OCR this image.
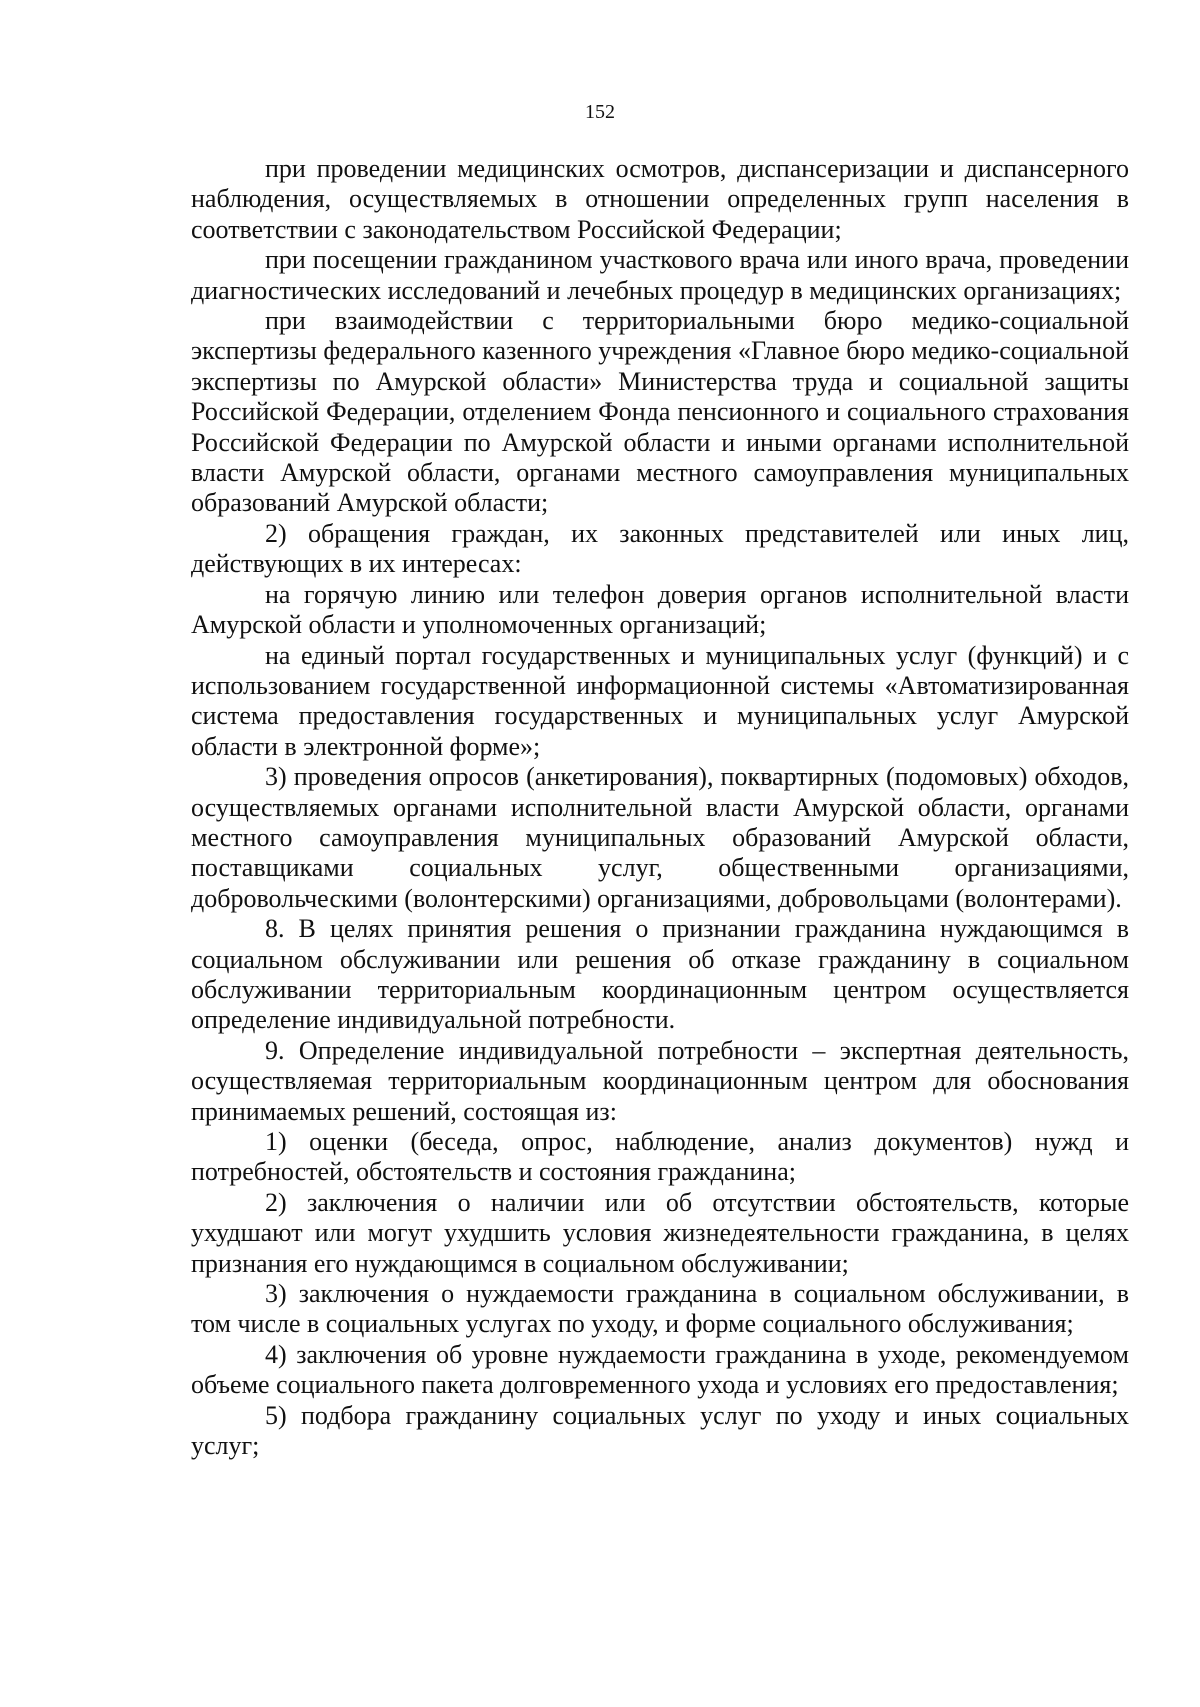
152

при проведении медицинских осмотров, диспансеризации и диспансерного наблюдения, осуществляемых в отношении определенных групп населения в соответствии с законодательством Российской Федерации;

при посещении гражданином участкового врача или иного врача, проведении диагностических исследований и лечебных процедур в медицинских организациях;

при взаимодействии с территориальными бюро медико-социальной экспертизы федерального казенного учреждения «Главное бюро медико-социальной экспертизы по Амурской области» Министерства труда и социальной защиты Российской Федерации, отделением Фонда пенсионного и социального страхования Российской Федерации по Амурской области и иными органами исполнительной власти Амурской области, органами местного самоуправления муниципальных образований Амурской области;

2) обращения граждан, их законных представителей или иных лиц, действующих в их интересах:

на горячую линию или телефон доверия органов исполнительной власти Амурской области и уполномоченных организаций;

на единый портал государственных и муниципальных услуг (функций) и с использованием государственной информационной системы «Автоматизированная система предоставления государственных и муниципальных услуг Амурской области в электронной форме»;

3) проведения опросов (анкетирования), поквартирных (подомовых) обходов, осуществляемых органами исполнительной власти Амурской области, органами местного самоуправления муниципальных образований Амурской области, поставщиками социальных услуг, общественными организациями, добровольческими (волонтерскими) организациями, добровольцами (волонтерами).

8. В целях принятия решения о признании гражданина нуждающимся в социальном обслуживании или решения об отказе гражданину в социальном обслуживании территориальным координационным центром осуществляется определение индивидуальной потребности.

9. Определение индивидуальной потребности – экспертная деятельность, осуществляемая территориальным координационным центром для обоснования принимаемых решений, состоящая из:

1) оценки (беседа, опрос, наблюдение, анализ документов) нужд и потребностей, обстоятельств и состояния гражданина;

2) заключения о наличии или об отсутствии обстоятельств, которые ухудшают или могут ухудшить условия жизнедеятельности гражданина, в целях признания его нуждающимся в социальном обслуживании;

3) заключения о нуждаемости гражданина в социальном обслуживании, в том числе в социальных услугах по уходу, и форме социального обслуживания;

4) заключения об уровне нуждаемости гражданина в уходе, рекомендуемом объеме социального пакета долговременного ухода и условиях его предоставления;

5) подбора гражданину социальных услуг по уходу и иных социальных услуг;
